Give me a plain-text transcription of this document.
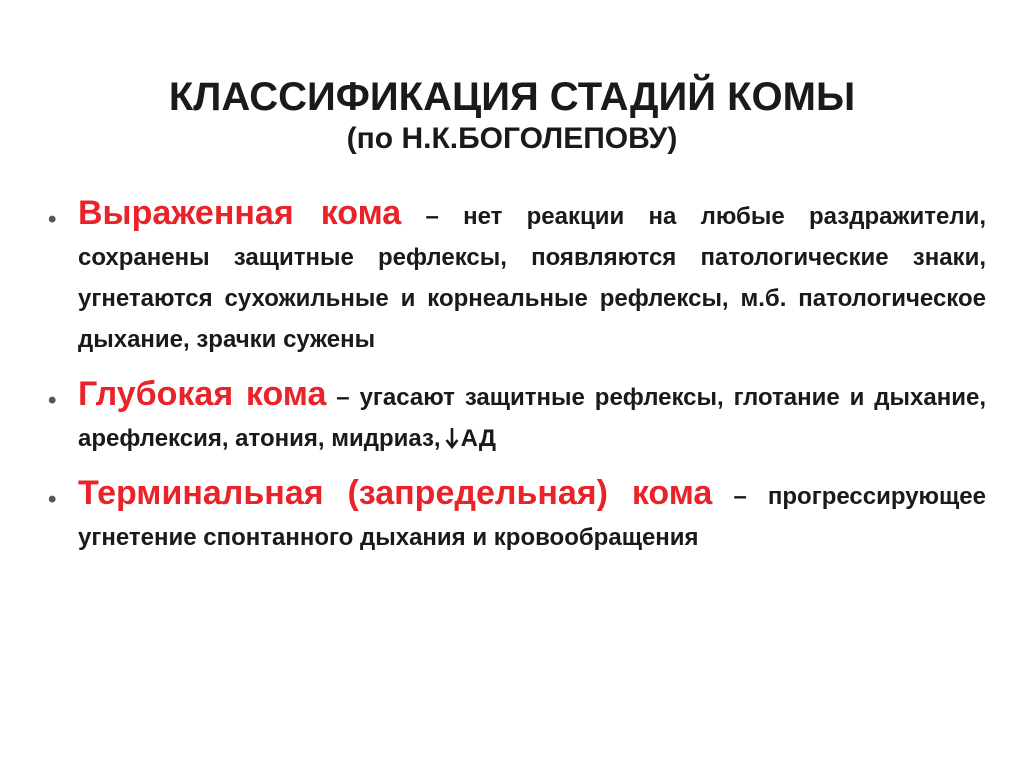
КЛАССИФИКАЦИЯ СТАДИЙ КОМЫ
(по Н.К.БОГОЛЕПОВУ)
• Выраженная кома – нет реакции на любые раздражители, сохранены защитные рефлексы, появляются патологические знаки, угнетаются сухожильные и корнеальные рефлексы, м.б. патологическое дыхание, зрачки сужены
• Глубокая кома – угасают защитные рефлексы, глотание и дыхание, арефлексия, атония, мидриаз, АД
• Терминальная (запредельная) кома – прогрессирующее угнетение спонтанного дыхания и кровообращения
